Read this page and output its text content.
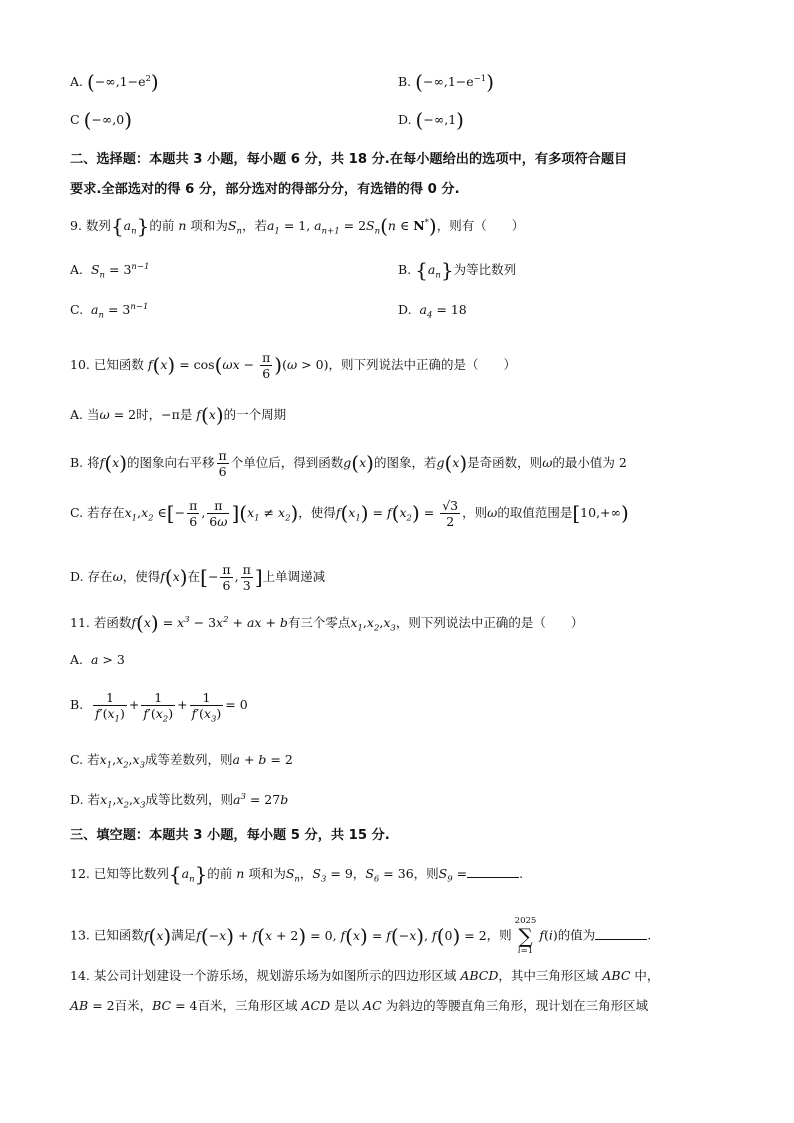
A. $(-\infty,1-e^2)$	B. $(-\infty,1-e^{-1})$
C (−∞,0)	D. (−∞,1)
二、选择题：本题共 3 小题，每小题 6 分，共 18 分.在每小题给出的选项中，有多项符合题目
要求.全部选对的得 6 分，部分选对的得部分分，有选错的得 0 分.
9. 数列$\{a_n\}$的前 n 项和为$S_n$，若$a_1 = 1$, $a_{n+1} = 2S_n(n$ ∈ N*)，则有（　　）
A. $S_n = 3^{n-1}$	B. $\{a_n\}$为等比数列
C. $a_n = 3^{n-1}$	D. $a_4 = 18$
10. 已知函数 $f(x) = \cos(\omega x - \frac{\pi}{6} )(\omega > 0)$，则下列说法中正确的是（　　）
A. 当ω = 2时，−π是 f(x)的一个周期
B. 将f(x)的图象向右平移 $\frac{\pi}{6}$ 个单位后，得到函数g(x)的图象，若g(x)是奇函数，则ω的最小值为 2
C. 若存在$x_1,x_2$ ∈[− $\frac{\pi}{6}$ , $\frac{\pi}{6\omega} ](x_1 \ne x_2)$，使得$f(x_1) = f(x_2) = \frac{√3}{2}$ ，则ω的取值范围是[10,+∞)
D. 存在ω，使得f(x)在[− $\frac{\pi}{6}$ , $\frac{\pi}{3}$ ]上单调递减
11. 若函数$f(x) = x^3 - 3x^2$ + ax + b有三个零点$x_1,x_2,x_3$，则下列说法中正确的是（　　）
A. a > 3
B. $\frac{1}{f'(x_1)} + \frac{1}{f'(x_2)} + \frac{1}{f'(x_3)} = 0$
C. 若$x_1,x_2,x_3$成等差数列，则a + b = 2
D. 若$x_1,x_2,x_3$成等比数列，则$a^3 = 27b$
三、填空题：本题共 3 小题，每小题 5 分，共 15 分.
12. 已知等比数列$\{a_n\}$的前 n 项和为$S_n$，$S_3 = 9$，$S_6 = 36$，则$S_9$ =	.
13. 已知函数f(x)满足f(−x) + f(x + 2) = 0, f(x) = f(−x), f(0) = 2，则
2025
∑
i=1
f(i)的值为	.
14. 某公司计划建设一个游乐场，规划游乐场为如图所示的四边形区域 ABCD，其中三角形区域 ABC 中，
AB = 2百米，BC = 4百米，三角形区域 ACD 是以 AC 为斜边的等腰直角三角形，现计划在三角形区域
